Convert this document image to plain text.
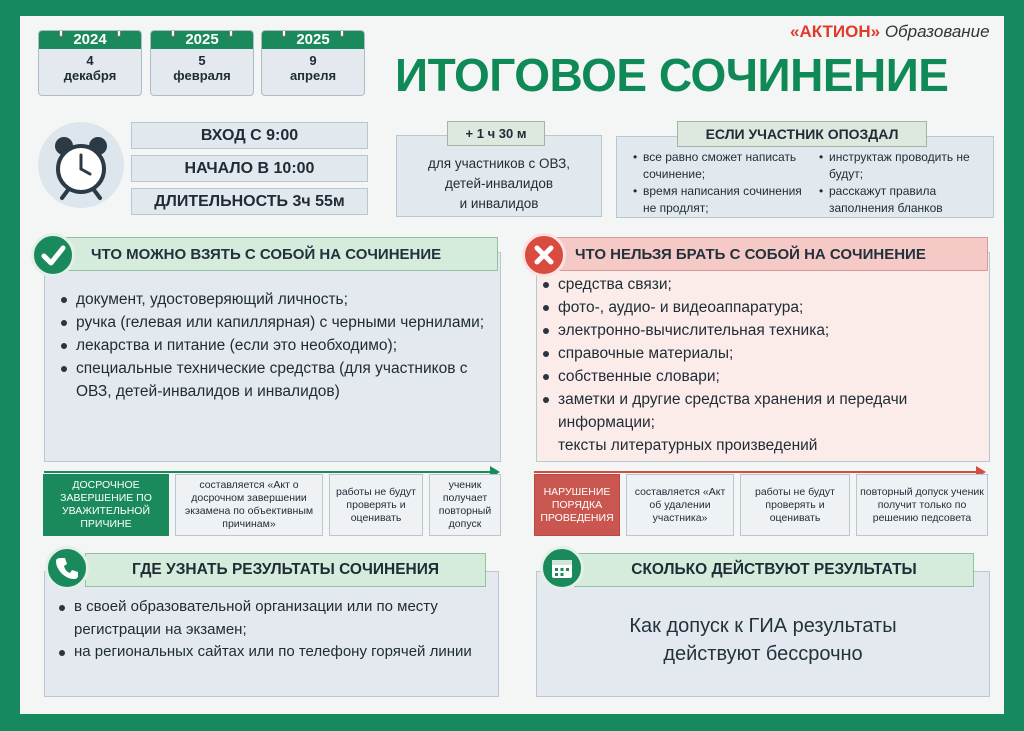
2024
4
декабря
2025
5
февраля
2025
9
апреля
«АКТИОН» Образование
ИТОГОВОЕ СОЧИНЕНИЕ
ВХОД С 9:00
НАЧАЛО В 10:00
ДЛИТЕЛЬНОСТЬ 3ч 55м
+ 1 ч 30 м
для участников с ОВЗ,
детей-инвалидов
и инвалидов
ЕСЛИ УЧАСТНИК ОПОЗДАЛ
• все равно сможет написать сочинение;
• время написания сочинения не продлят;
• инструктаж проводить не будут;
• расскажут правила заполнения бланков
ЧТО МОЖНО ВЗЯТЬ С СОБОЙ НА СОЧИНЕНИЕ
документ, удостоверяющий личность;
ручка (гелевая или капиллярная) с черными чернилами;
лекарства и питание (если это необходимо);
специальные технические средства (для участников с ОВЗ, детей-инвалидов и инвалидов)
ЧТО НЕЛЬЗЯ БРАТЬ С СОБОЙ НА СОЧИНЕНИЕ
средства связи;
фото-, аудио- и видеоаппаратура;
электронно-вычислительная техника;
справочные материалы;
собственные словари;
заметки и другие средства хранения и передачи информации;
тексты литературных произведений
ДОСРОЧНОЕ ЗАВЕРШЕНИЕ ПО УВАЖИТЕЛЬНОЙ ПРИЧИНЕ
составляется «Акт о досрочном завершении экзамена по объективным причинам»
работы не будут проверять и оценивать
ученик получает повторный допуск
НАРУШЕНИЕ ПОРЯДКА ПРОВЕДЕНИЯ
составляется «Акт об удалении участника»
работы не будут проверять и оценивать
повторный допуск ученик получит только по решению педсовета
ГДЕ УЗНАТЬ РЕЗУЛЬТАТЫ СОЧИНЕНИЯ
в своей образовательной организации или по месту регистрации на экзамен;
на региональных сайтах или по телефону горячей линии
СКОЛЬКО ДЕЙСТВУЮТ РЕЗУЛЬТАТЫ
Как допуск к ГИА результаты
действуют бессрочно
